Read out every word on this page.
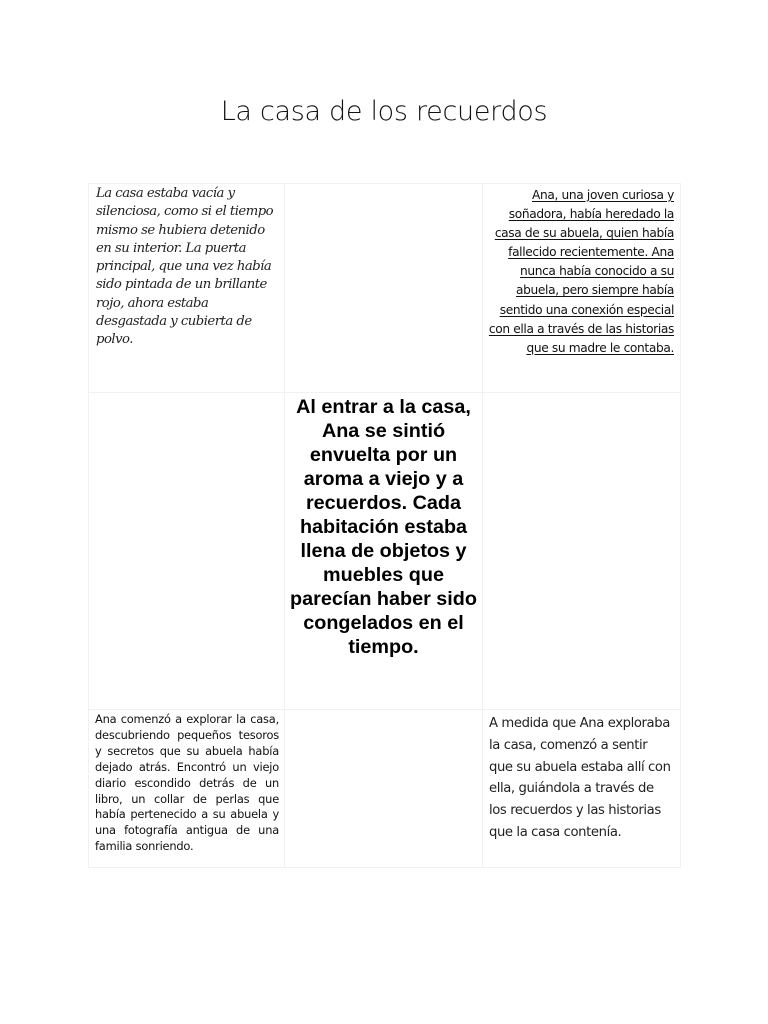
La casa de los recuerdos
La casa estaba vacía y silenciosa, como si el tiempo mismo se hubiera detenido en su interior. La puerta principal, que una vez había sido pintada de un brillante rojo, ahora estaba desgastada y cubierta de polvo.
Ana, una joven curiosa y soñadora, había heredado la casa de su abuela, quien había fallecido recientemente. Ana nunca había conocido a su abuela, pero siempre había sentido una conexión especial con ella a través de las historias que su madre le contaba.
Al entrar a la casa, Ana se sintió envuelta por un aroma a viejo y a recuerdos. Cada habitación estaba llena de objetos y muebles que parecían haber sido congelados en el tiempo.
Ana comenzó a explorar la casa, descubriendo pequeños tesoros y secretos que su abuela había dejado atrás. Encontró un viejo diario escondido detrás de un libro, un collar de perlas que había pertenecido a su abuela y una fotografía antigua de una familia sonriendo.
A medida que Ana exploraba la casa, comenzó a sentir que su abuela estaba allí con ella, guiándola a través de los recuerdos y las historias que la casa contenía.
